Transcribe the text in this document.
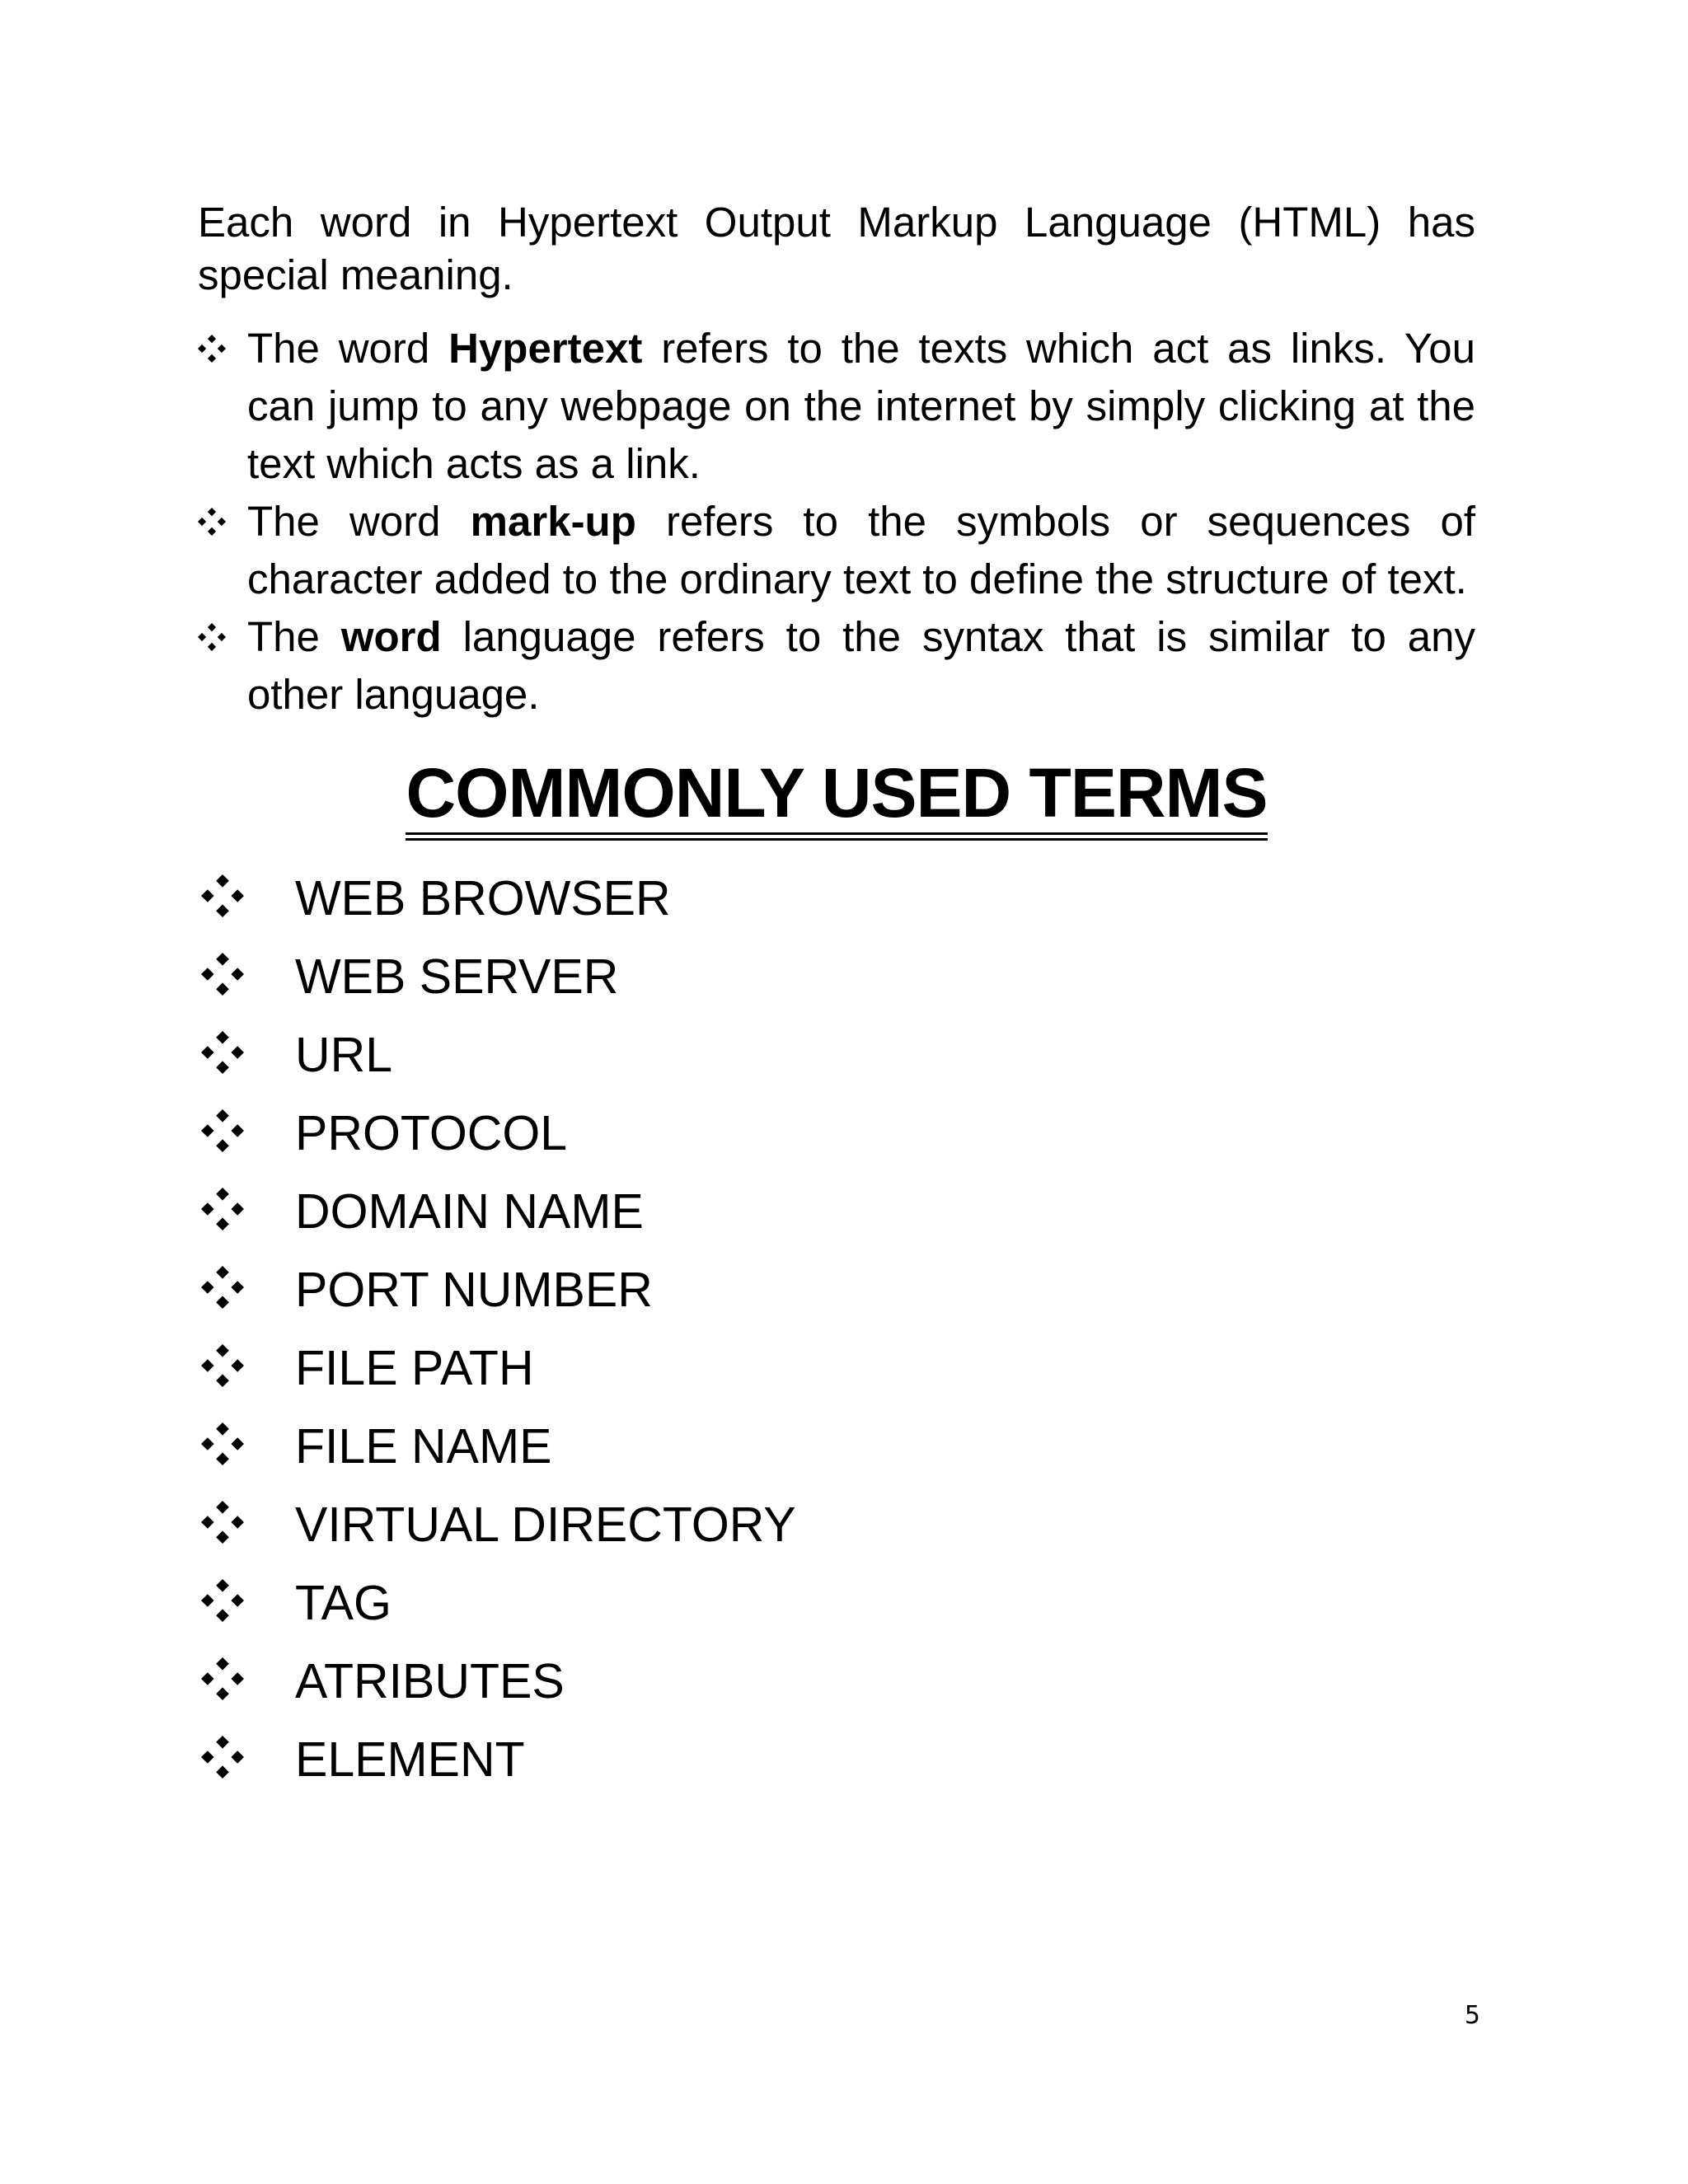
Each word in Hypertext Output Markup Language (HTML) has special meaning.

The word Hypertext refers to the texts which act as links. You can jump to any webpage on the internet by simply clicking at the text which acts as a link.
The word mark-up refers to the symbols or sequences of character added to the ordinary text to define the structure of text.
The word language refers to the syntax that is similar to any other language.
COMMONLY USED TERMS
WEB BROWSER
WEB SERVER
URL
PROTOCOL
DOMAIN NAME
PORT NUMBER
FILE PATH
FILE NAME
VIRTUAL DIRECTORY
TAG
ATRIBUTES
ELEMENT
5
